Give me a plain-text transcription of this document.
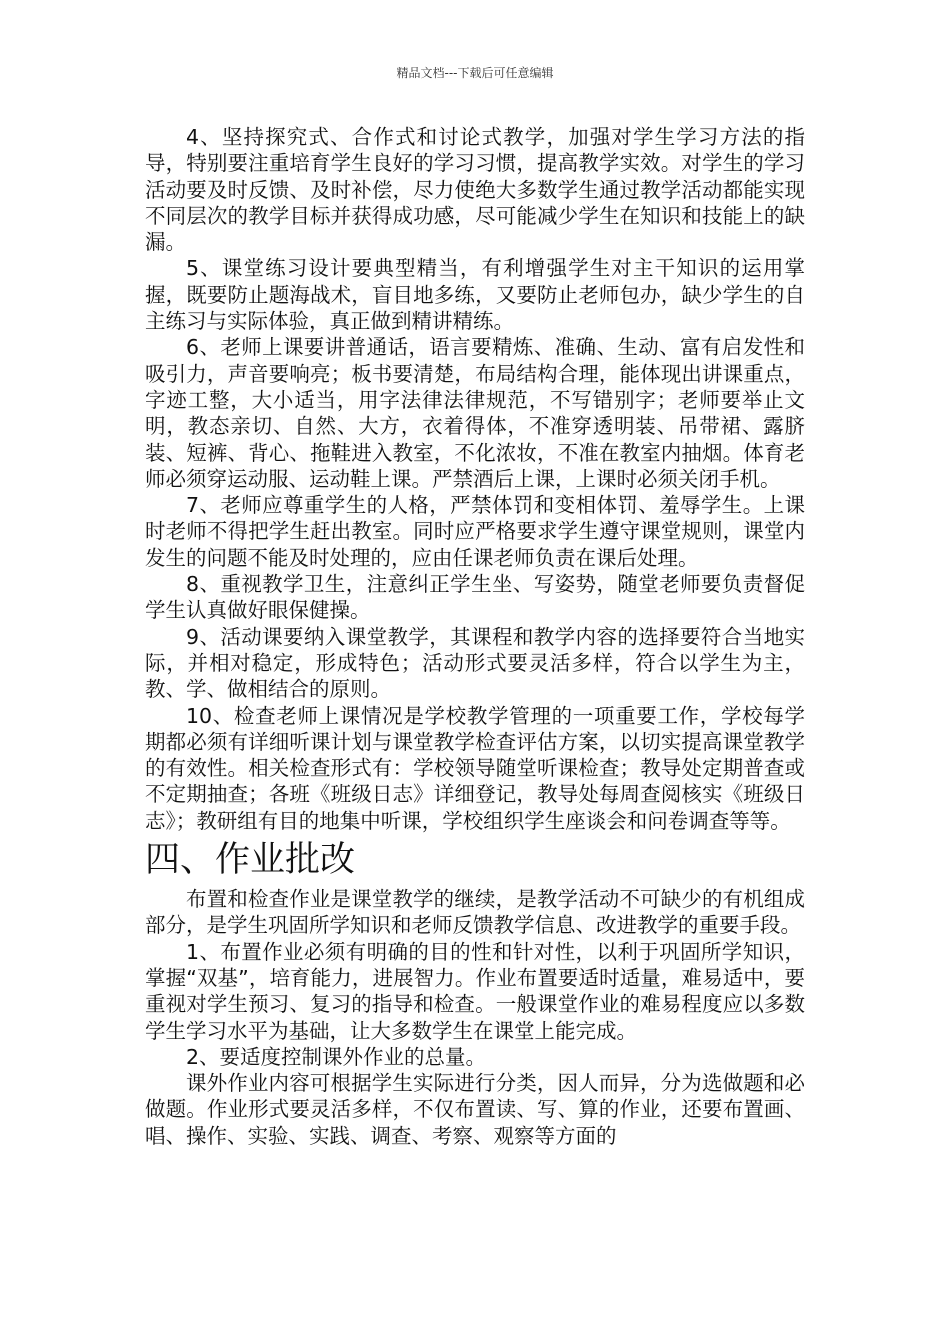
精品文档---下载后可任意编辑

4、坚持探究式、合作式和讨论式教学，加强对学生学习方法的指导，特别要注重培育学生良好的学习习惯，提高教学实效。对学生的学习活动要及时反馈、及时补偿，尽力使绝大多数学生通过教学活动都能实现不同层次的教学目标并获得成功感，尽可能减少学生在知识和技能上的缺漏。

5、课堂练习设计要典型精当，有利增强学生对主干知识的运用掌握，既要防止题海战术，盲目地多练，又要防止老师包办，缺少学生的自主练习与实际体验，真正做到精讲精练。

6、老师上课要讲普通话，语言要精炼、准确、生动、富有启发性和吸引力，声音要响亮；板书要清楚，布局结构合理，能体现出讲课重点，字迹工整，大小适当，用字法律法律规范，不写错别字；老师要举止文明，教态亲切、自然、大方，衣着得体，不准穿透明装、吊带裙、露脐装、短裤、背心、拖鞋进入教室，不化浓妆，不准在教室内抽烟。体育老师必须穿运动服、运动鞋上课。严禁酒后上课，上课时必须关闭手机。

7、老师应尊重学生的人格，严禁体罚和变相体罚、羞辱学生。上课时老师不得把学生赶出教室。同时应严格要求学生遵守课堂规则，课堂内发生的问题不能及时处理的，应由任课老师负责在课后处理。

8、重视教学卫生，注意纠正学生坐、写姿势，随堂老师要负责督促学生认真做好眼保健操。

9、活动课要纳入课堂教学，其课程和教学内容的选择要符合当地实际，并相对稳定，形成特色；活动形式要灵活多样，符合以学生为主，教、学、做相结合的原则。

10、检查老师上课情况是学校教学管理的一项重要工作，学校每学期都必须有详细听课计划与课堂教学检查评估方案，以切实提高课堂教学的有效性。相关检查形式有：学校领导随堂听课检查；教导处定期普查或不定期抽查；各班《班级日志》详细登记，教导处每周查阅核实《班级日志》；教研组有目的地集中听课，学校组织学生座谈会和问卷调查等等。

四、作业批改

布置和检查作业是课堂教学的继续，是教学活动不可缺少的有机组成部分，是学生巩固所学知识和老师反馈教学信息、改进教学的重要手段。

1、布置作业必须有明确的目的性和针对性，以利于巩固所学知识，掌握“双基”，培育能力，进展智力。作业布置要适时适量，难易适中，要重视对学生预习、复习的指导和检查。一般课堂作业的难易程度应以多数学生学习水平为基础，让大多数学生在课堂上能完成。

2、要适度控制课外作业的总量。

课外作业内容可根据学生实际进行分类，因人而异，分为选做题和必做题。作业形式要灵活多样，不仅布置读、写、算的作业，还要布置画、唱、操作、实验、实践、调查、考察、观察等方面的
